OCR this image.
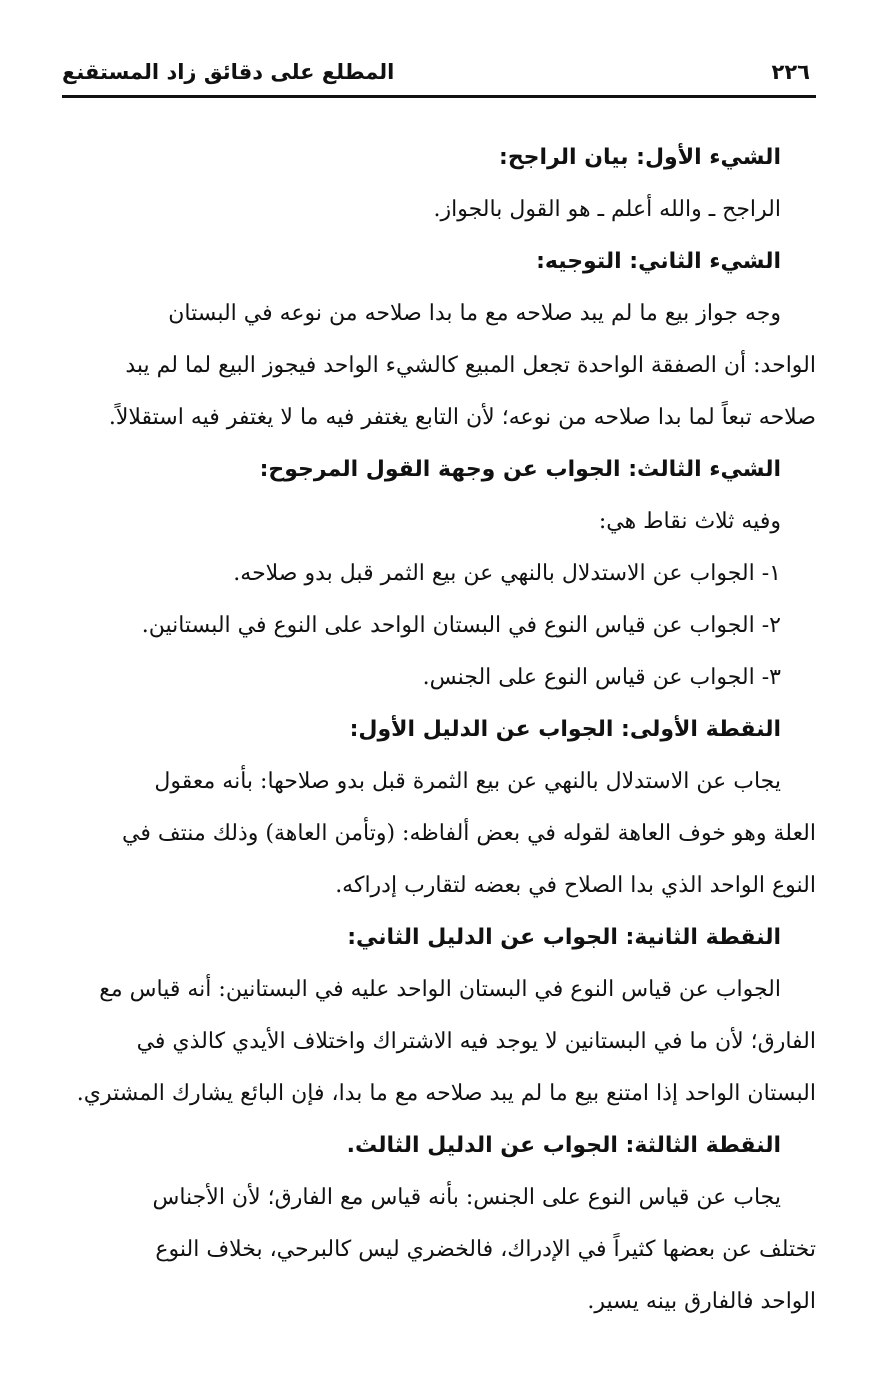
٢٢٦
المطلع على دقائق زاد المستقنع
الشيء الأول: بيان الراجح:
الراجح ـ والله أعلم ـ هو القول بالجواز.
الشيء الثاني: التوجيه:
وجه جواز بيع ما لم يبد صلاحه مع ما بدا صلاحه من نوعه في البستان
الواحد: أن الصفقة الواحدة تجعل المبيع كالشيء الواحد فيجوز البيع لما لم يبد
صلاحه تبعاً لما بدا صلاحه من نوعه؛ لأن التابع يغتفر فيه ما لا يغتفر فيه استقلالاً.
الشيء الثالث: الجواب عن وجهة القول المرجوح:
وفيه ثلاث نقاط هي:
١- الجواب عن الاستدلال بالنهي عن بيع الثمر قبل بدو صلاحه.
٢- الجواب عن قياس النوع في البستان الواحد على النوع في البستانين.
٣- الجواب عن قياس النوع على الجنس.
النقطة الأولى: الجواب عن الدليل الأول:
يجاب عن الاستدلال بالنهي عن بيع الثمرة قبل بدو صلاحها: بأنه معقول
العلة وهو خوف العاهة لقوله في بعض ألفاظه: (وتأمن العاهة) وذلك منتف في
النوع الواحد الذي بدا الصلاح في بعضه لتقارب إدراكه.
النقطة الثانية: الجواب عن الدليل الثاني:
الجواب عن قياس النوع في البستان الواحد عليه في البستانين: أنه قياس مع
الفارق؛ لأن ما في البستانين لا يوجد فيه الاشتراك واختلاف الأيدي كالذي في
البستان الواحد إذا امتنع بيع ما لم يبد صلاحه مع ما بدا، فإن البائع يشارك المشتري.
النقطة الثالثة: الجواب عن الدليل الثالث.
يجاب عن قياس النوع على الجنس: بأنه قياس مع الفارق؛ لأن الأجناس
تختلف عن بعضها كثيراً في الإدراك، فالخضري ليس كالبرحي، بخلاف النوع
الواحد فالفارق بينه يسير.
